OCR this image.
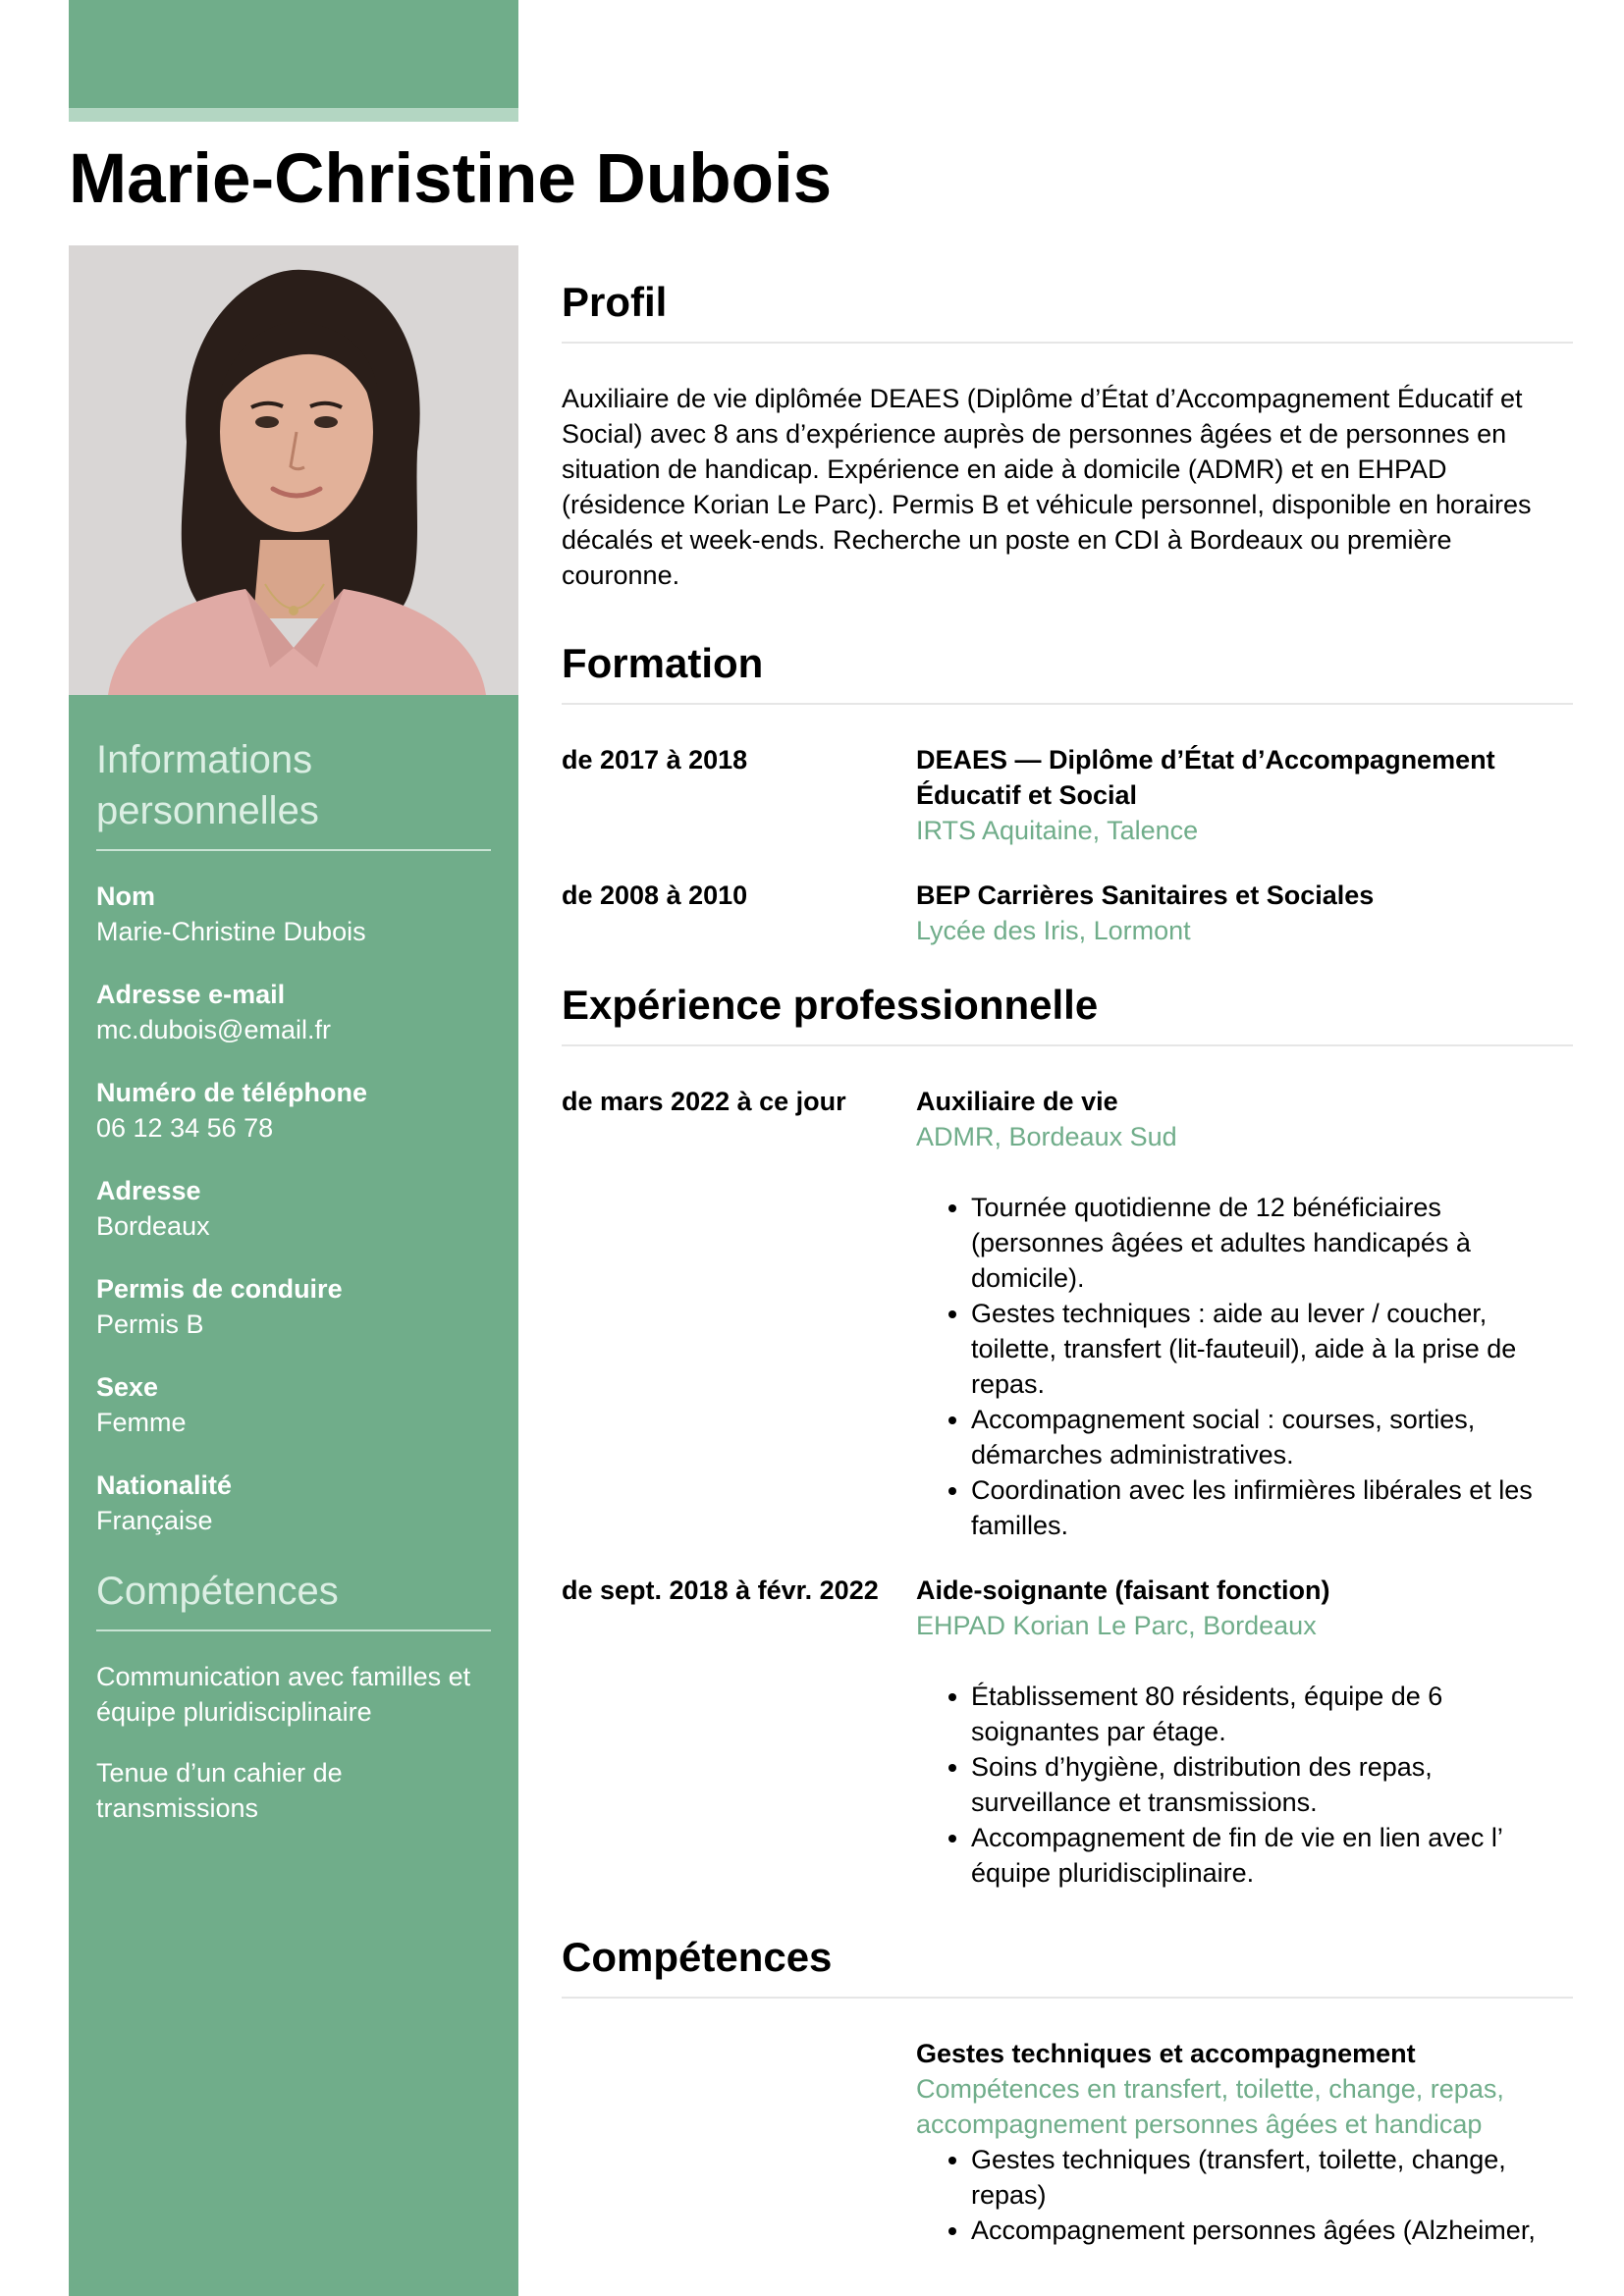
Marie-Christine Dubois
Informations personnelles
Nom
Marie-Christine Dubois
Adresse e-mail
mc.dubois@email.fr
Numéro de téléphone
06 12 34 56 78
Adresse
Bordeaux
Permis de conduire
Permis B
Sexe
Femme
Nationalité
Française
Compétences
Communication avec familles et équipe pluridisciplinaire
Tenue d’un cahier de transmissions
Profil

Auxiliaire de vie diplômée DEAES (Diplôme d’État d’Accompagnement Éducatif et Social) avec 8 ans d’expérience auprès de personnes âgées et de personnes en situation de handicap. Expérience en aide à domicile (ADMR) et en EHPAD (résidence Korian Le Parc). Permis B et véhicule personnel, disponible en horaires décalés et week-ends. Recherche un poste en CDI à Bordeaux ou première couronne.

Formation
de 2017 à 2018	DEAES — Diplôme d’État d’Accompagnement Éducatif et Social
IRTS Aquitaine, Talence
de 2008 à 2010	BEP Carrières Sanitaires et Sociales
Lycée des Iris, Lormont
Expérience professionnelle
de mars 2022 à ce jour	Auxiliaire de vie
ADMR, Bordeaux Sud
• Tournée quotidienne de 12 bénéficiaires (personnes âgées et adultes handicapés à domicile).
• Gestes techniques : aide au lever / coucher, toilette, transfert (lit-fauteuil), aide à la prise de repas.
• Accompagnement social : courses, sorties, démarches administratives.
• Coordination avec les infirmières libérales et les familles.
de sept. 2018 à févr. 2022	Aide-soignante (faisant fonction)
EHPAD Korian Le Parc, Bordeaux
• Établissement 80 résidents, équipe de 6 soignantes par étage.
• Soins d’hygiène, distribution des repas, surveillance et transmissions.
• Accompagnement de fin de vie en lien avec l’ équipe pluridisciplinaire.
Compétences
Gestes techniques et accompagnement
Compétences en transfert, toilette, change, repas, accompagnement personnes âgées et handicap
• Gestes techniques (transfert, toilette, change, repas)
• Accompagnement personnes âgées (Alzheimer,
